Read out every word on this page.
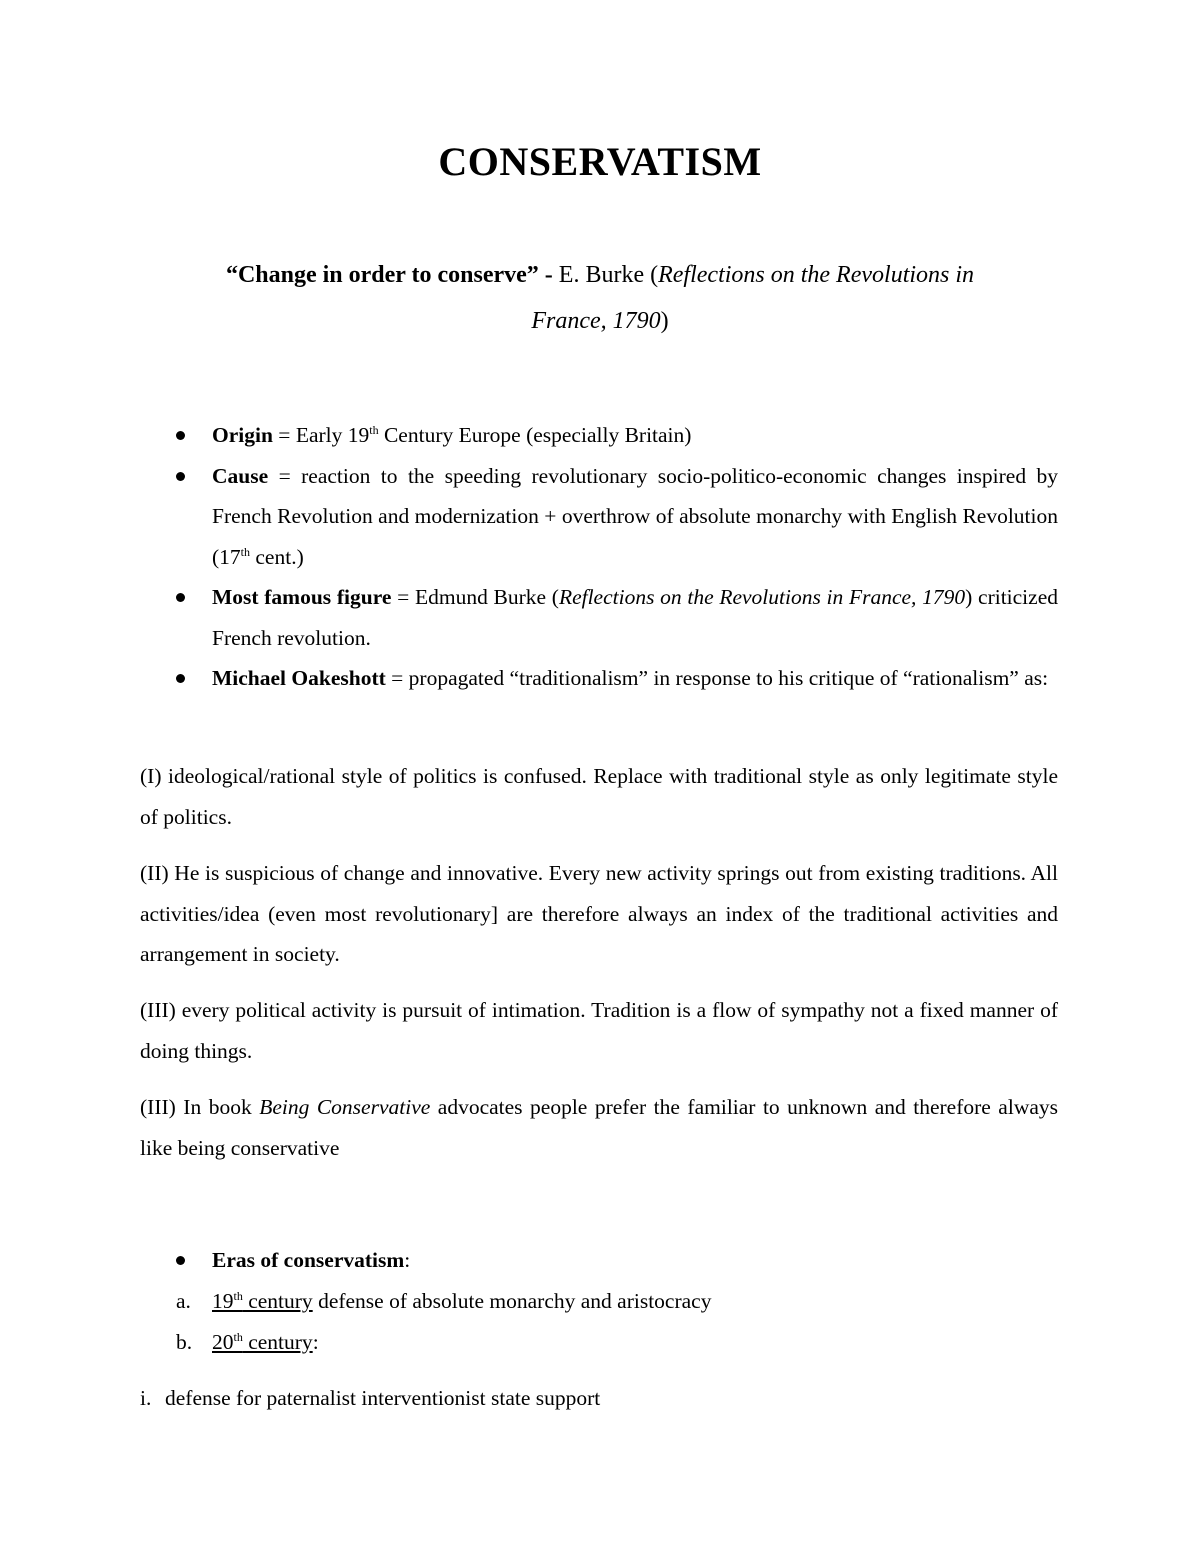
CONSERVATISM
“Change in order to conserve” - E. Burke (Reflections on the Revolutions in
France, 1790)
Origin = Early 19th Century Europe (especially Britain)
Cause = reaction to the speeding revolutionary socio-politico-economic changes inspired by French Revolution and modernization + overthrow of absolute monarchy with English Revolution (17th cent.)
Most famous figure = Edmund Burke (Reflections on the Revolutions in France, 1790) criticized French revolution.
Michael Oakeshott = propagated “traditionalism” in response to his critique of “rationalism” as:

(I) ideological/rational style of politics is confused. Replace with traditional style as only legitimate style of politics.

(II) He is suspicious of change and innovative. Every new activity springs out from existing traditions. All activities/idea (even most revolutionary] are therefore always an index of the traditional activities and arrangement in society.

(III) every political activity is pursuit of intimation. Tradition is a flow of sympathy not a fixed manner of doing things.

(III) In book Being Conservative advocates people prefer the familiar to unknown and therefore always like being conservative

Eras of conservatism:
a. 19th century defense of absolute monarchy and aristocracy
b. 20th century:

i. defense for paternalist interventionist state support
